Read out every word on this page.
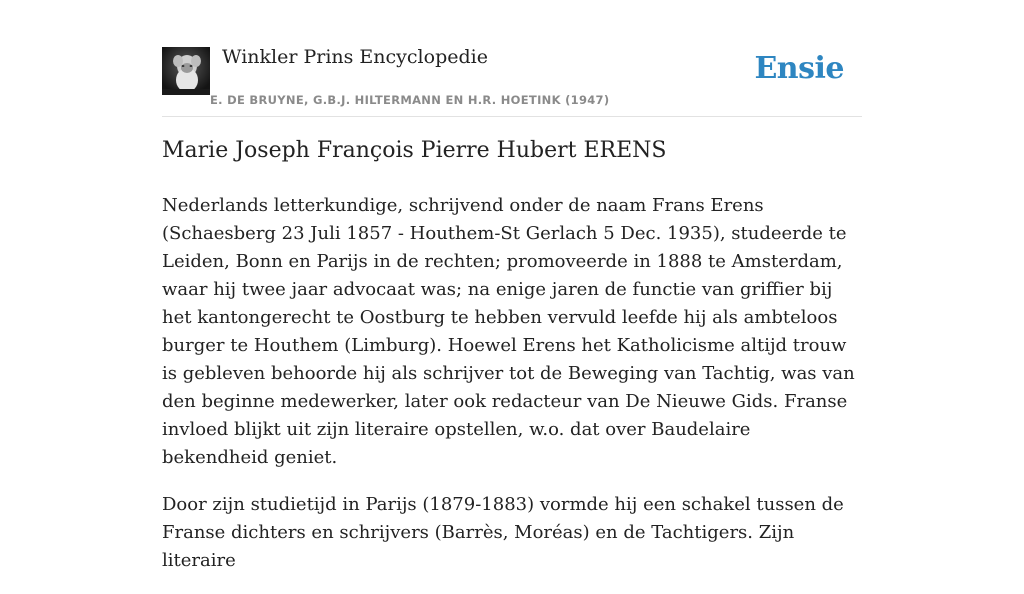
Winkler Prins Encyclopedie
E. DE BRUYNE, G.B.J. HILTERMANN EN H.R. HOETINK (1947)
Ensie
Marie Joseph François Pierre Hubert ERENS

Nederlands letterkundige, schrijvend onder de naam Frans Erens (Schaesberg 23 Juli 1857 - Houthem-St Gerlach 5 Dec. 1935), studeerde te Leiden, Bonn en Parijs in de rechten; promoveerde in 1888 te Amsterdam, waar hij twee jaar advocaat was; na enige jaren de functie van griffier bij het kantongerecht te Oostburg te hebben vervuld leefde hij als ambteloos burger te Houthem (Limburg). Hoewel Erens het Katholicisme altijd trouw is gebleven behoorde hij als schrijver tot de Beweging van Tachtig, was van den beginne medewerker, later ook redacteur van De Nieuwe Gids. Franse invloed blijkt uit zijn literaire opstellen, w.o. dat over Baudelaire bekendheid geniet.

Door zijn studietijd in Parijs (1879-1883) vormde hij een schakel tussen de Franse dichters en schrijvers (Barrès, Moréas) en de Tachtigers. Zijn literaire
